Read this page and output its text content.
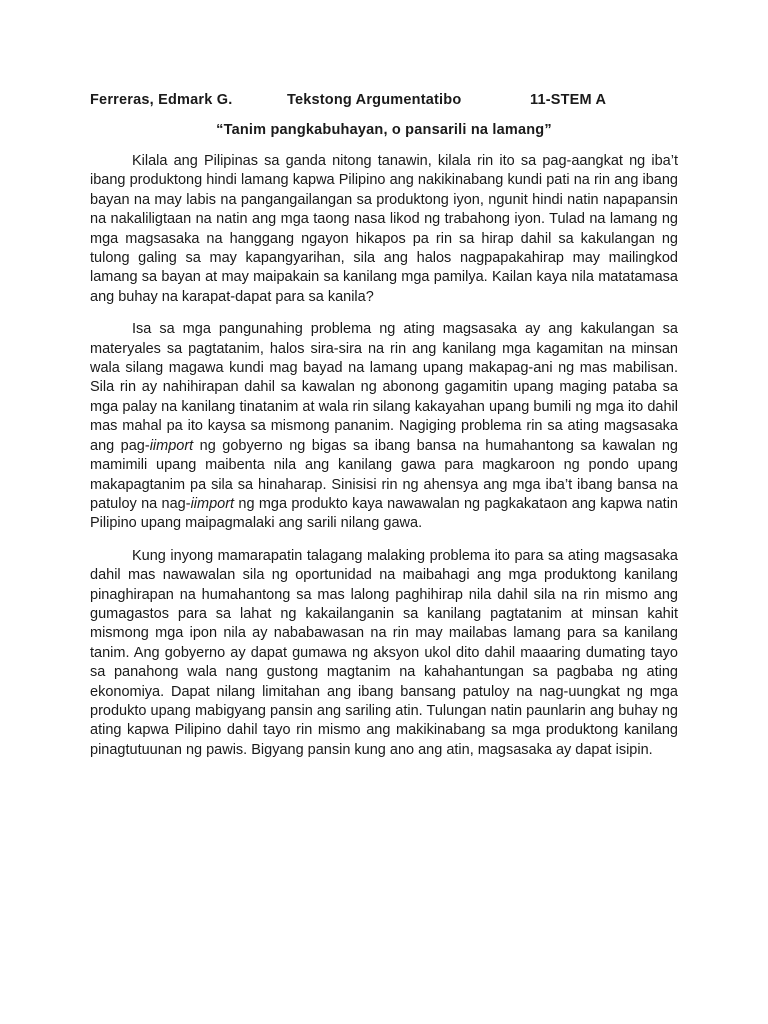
Ferreras, Edmark G.	Tekstong Argumentatibo	11-STEM A
“Tanim pangkabuhayan, o pansarili na lamang”

Kilala ang Pilipinas sa ganda nitong tanawin, kilala rin ito sa pag-aangkat ng iba’t ibang produktong hindi lamang kapwa Pilipino ang nakikinabang kundi pati na rin ang ibang bayan na may labis na pangangailangan sa produktong iyon, ngunit hindi natin napapansin na nakaliligtaan na natin ang mga taong nasa likod ng trabahong iyon. Tulad na lamang ng mga magsasaka na hanggang ngayon hikapos pa rin sa hirap dahil sa kakulangan ng tulong galing sa may kapangyarihan, sila ang halos nagpapakahirap may mailingkod lamang sa bayan at may maipakain sa kanilang mga pamilya. Kailan kaya nila matatamasa ang buhay na karapat-dapat para sa kanila?

Isa sa mga pangunahing problema ng ating magsasaka ay ang kakulangan sa materyales sa pagtatanim, halos sira-sira na rin ang kanilang mga kagamitan na minsan wala silang magawa kundi mag bayad na lamang upang makapag-ani ng mas mabilisan. Sila rin ay nahihirapan dahil sa kawalan ng abonong gagamitin upang maging pataba sa mga palay na kanilang tinatanim at wala rin silang kakayahan upang bumili ng mga ito dahil mas mahal pa ito kaysa sa mismong pananim. Nagiging problema rin sa ating magsasaka ang pag-iimport ng gobyerno ng bigas sa ibang bansa na humahantong sa kawalan ng mamimili upang maibenta nila ang kanilang gawa para magkaroon ng pondo upang makapagtanim pa sila sa hinaharap. Sinisisi rin ng ahensya ang mga iba’t ibang bansa na patuloy na nag-iimport ng mga produkto kaya nawawalan ng pagkakataon ang kapwa natin Pilipino upang maipagmalaki ang sarili nilang gawa.

Kung inyong mamarapatin talagang malaking problema ito para sa ating magsasaka dahil mas nawawalan sila ng oportunidad na maibahagi ang mga produktong kanilang pinaghirapan na humahantong sa mas lalong paghihirap nila dahil sila na rin mismo ang gumagastos para sa lahat ng kakailanganin sa kanilang pagtatanim at minsan kahit mismong mga ipon nila ay nababawasan na rin may mailabas lamang para sa kanilang tanim. Ang gobyerno ay dapat gumawa ng aksyon ukol dito dahil maaaring dumating tayo sa panahong wala nang gustong magtanim na kahahantungan sa pagbaba ng ating ekonomiya. Dapat nilang limitahan ang ibang bansang patuloy na nag-uungkat ng mga produkto upang mabigyang pansin ang sariling atin. Tulungan natin paunlarin ang buhay ng ating kapwa Pilipino dahil tayo rin mismo ang makikinabang sa mga produktong kanilang pinagtutuunan ng pawis. Bigyang pansin kung ano ang atin, magsasaka ay dapat isipin.
